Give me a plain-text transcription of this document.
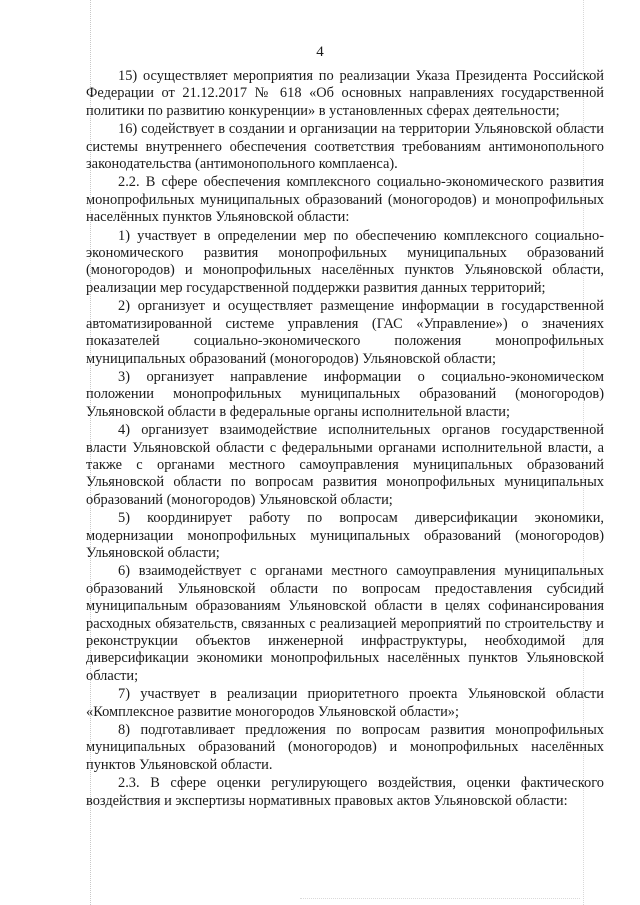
4

15) осуществляет мероприятия по реализации Указа Президента Российской Федерации от 21.12.2017 № 618 «Об основных направлениях государственной политики по развитию конкуренции» в установленных сферах деятельности;

16) содействует в создании и организации на территории Ульяновской области системы внутреннего обеспечения соответствия требованиям антимонопольного законодательства (антимонопольного комплаенса).

2.2. В сфере обеспечения комплексного социально-экономического развития монопрофильных муниципальных образований (моногородов) и монопрофильных населённых пунктов Ульяновской области:

1) участвует в определении мер по обеспечению комплексного социально-экономического развития монопрофильных муниципальных образований (моногородов) и монопрофильных населённых пунктов Ульяновской области, реализации мер государственной поддержки развития данных территорий;

2) организует и осуществляет размещение информации в государственной автоматизированной системе управления (ГАС «Управление») о значениях показателей социально-экономического положения монопрофильных муниципальных образований (моногородов) Ульяновской области;

3) организует направление информации о социально-экономическом положении монопрофильных муниципальных образований (моногородов) Ульяновской области в федеральные органы исполнительной власти;

4) организует взаимодействие исполнительных органов государственной власти Ульяновской области с федеральными органами исполнительной власти, а также с органами местного самоуправления муниципальных образований Ульяновской области по вопросам развития монопрофильных муниципальных образований (моногородов) Ульяновской области;

5) координирует работу по вопросам диверсификации экономики, модернизации монопрофильных муниципальных образований (моногородов) Ульяновской области;

6) взаимодействует с органами местного самоуправления муниципальных образований Ульяновской области по вопросам предоставления субсидий муниципальным образованиям Ульяновской области в целях софинансирования расходных обязательств, связанных с реализацией мероприятий по строительству и реконструкции объектов инженерной инфраструктуры, необходимой для диверсификации экономики монопрофильных населённых пунктов Ульяновской области;

7) участвует в реализации приоритетного проекта Ульяновской области «Комплексное развитие моногородов Ульяновской области»;

8) подготавливает предложения по вопросам развития монопрофильных муниципальных образований (моногородов) и монопрофильных населённых пунктов Ульяновской области.

2.3. В сфере оценки регулирующего воздействия, оценки фактического воздействия и экспертизы нормативных правовых актов Ульяновской области:
